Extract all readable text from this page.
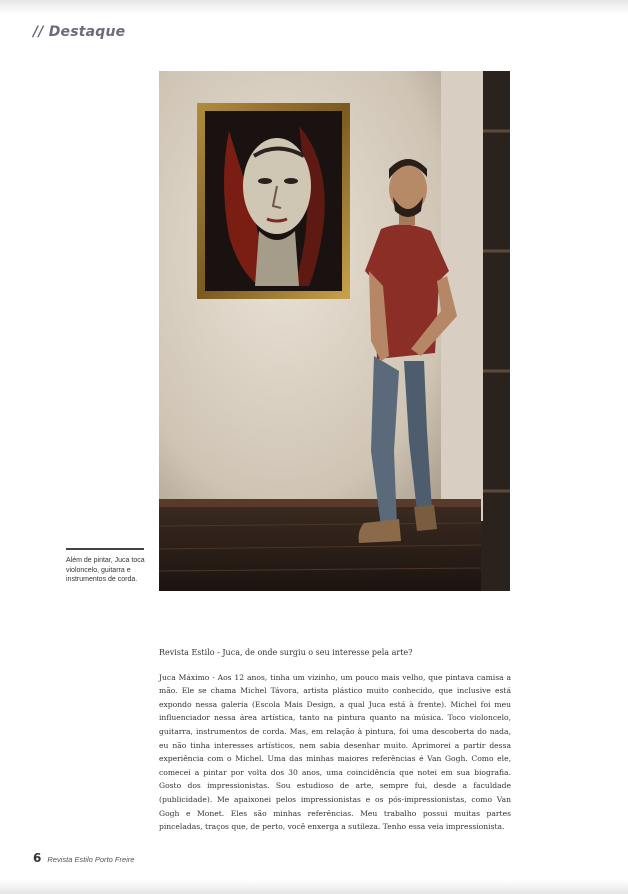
// Destaque
Além de pintar, Juca toca violoncelo, guitarra e instrumentos de corda.

Revista Estilo - Juca, de onde surgiu o seu interesse pela arte?

Juca Máximo - Aos 12 anos, tinha um vizinho, um pouco mais velho, que pintava camisa a mão. Ele se chama Michel Távora, artista plástico muito conhecido, que inclusive está expondo nessa galeria (Escola Mais Design, a qual Juca está à frente). Michel foi meu influenciador nessa área artística, tanto na pintura quanto na música. Toco violoncelo, guitarra, instrumentos de corda. Mas, em relação à pintura, foi uma descoberta do nada, eu não tinha interesses artísticos, nem sabia desenhar muito. Aprimorei a partir dessa experiência com o Michel. Uma das minhas maiores referências é Van Gogh. Como ele, comecei a pintar por volta dos 30 anos, uma coincidência que notei em sua biografia. Gosto dos impressionistas. Sou estudioso de arte, sempre fui, desde a faculdade (publicidade). Me apaixonei pelos impressionistas e os pós-impressionistas, como Van Gogh e Monet. Eles são minhas referências. Meu trabalho possui muitas partes pinceladas, traços que, de perto, você enxerga a sutileza. Tenho essa veia impressionista.

6 Revista Estilo Porto Freire
